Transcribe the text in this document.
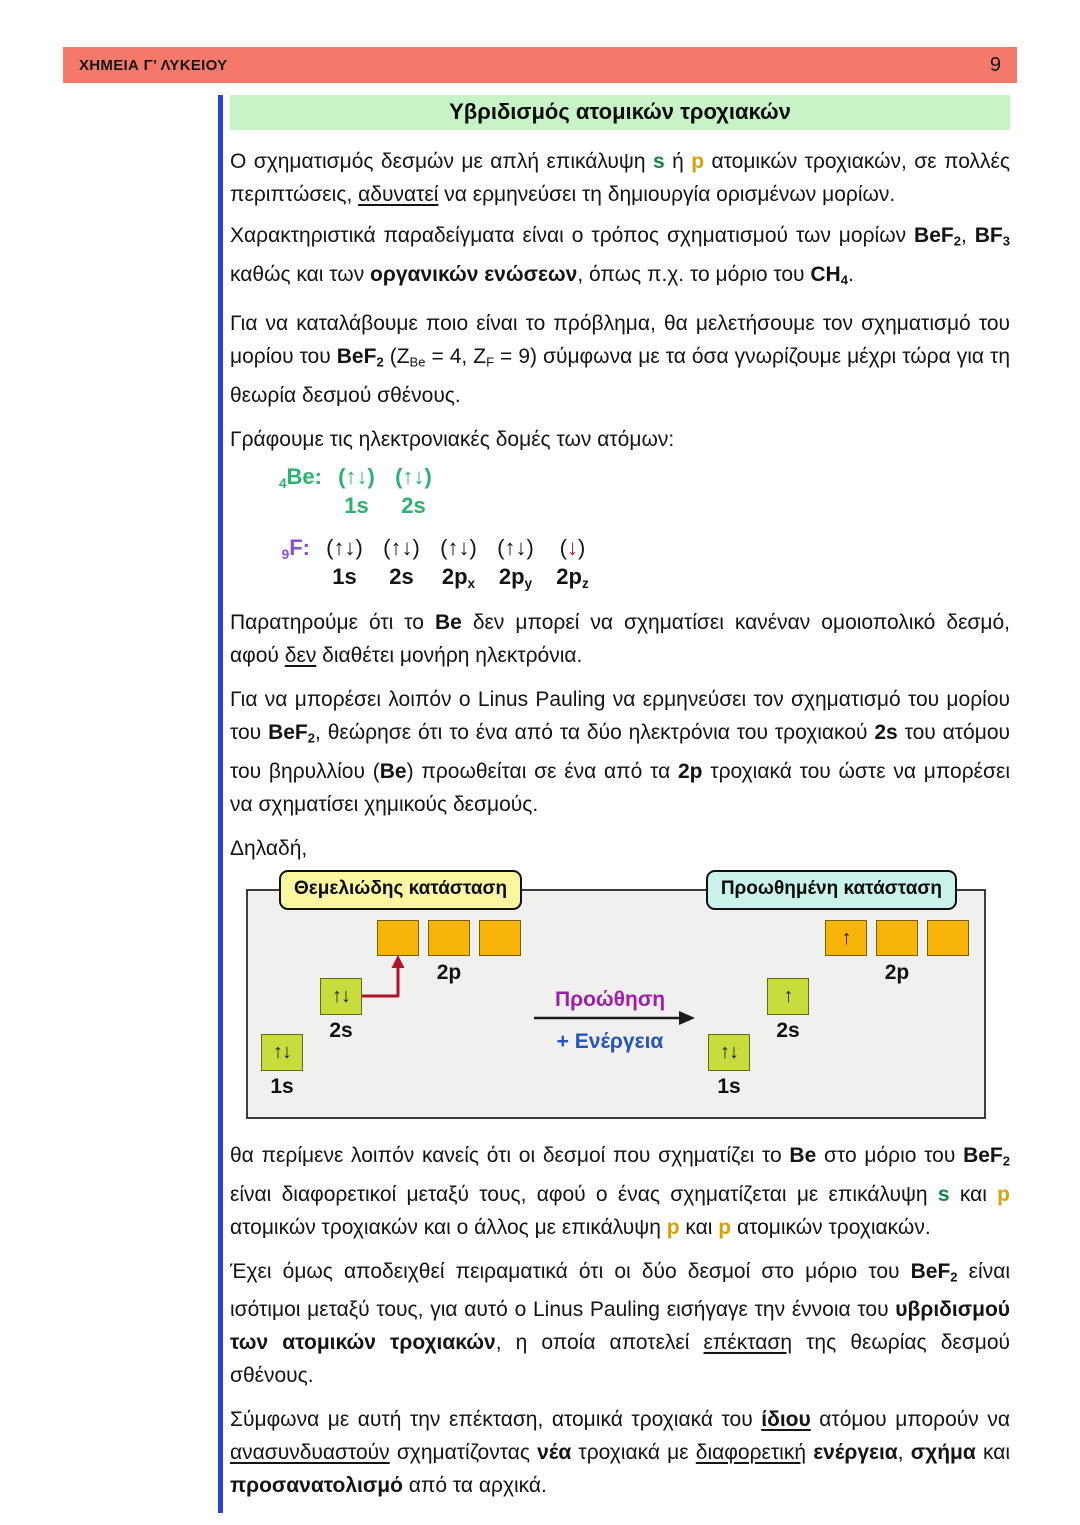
ΧΗΜΕΙΑ Γ’ ΛΥΚΕΙΟΥ	9
Υβριδισμός ατομικών τροχιακών

Ο σχηματισμός δεσμών με απλή επικάλυψη s ή p ατομικών τροχιακών, σε πολλές περιπτώσεις, αδυνατεί να ερμηνεύσει τη δημιουργία ορισμένων μορίων.

Χαρακτηριστικά παραδείγματα είναι ο τρόπος σχηματισμού των μορίων BeF2, BF3 καθώς και των οργανικών ενώσεων, όπως π.χ. το μόριο του CH4.

Για να καταλάβουμε ποιο είναι το πρόβλημα, θα μελετήσουμε τον σχηματισμό του μορίου του BeF2 ($Z_{Be} = 4$, $Z_F = 9$) σύμφωνα με τα όσα γνωρίζουμε μέχρι τώρα για τη θεωρία δεσμού σθένους.

Γράφουμε τις ηλεκτρονιακές δομές των ατόμων:

$_4$Be: (↑↓) (↑↓)
1s	2s
$_9$F: (↑↓) (↑↓) (↑↓) (↑↓)	(↓)
1s	2s	2px	2py	2pz

Παρατηρούμε ότι το Be δεν μπορεί να σχηματίσει κανέναν ομοιοπολικό δεσμό, αφού δεν διαθέτει μονήρη ηλεκτρόνια.

Για να μπορέσει λοιπόν ο Linus Pauling να ερμηνεύσει τον σχηματισμό του μορίου του BeF2, θεώρησε ότι το ένα από τα δύο ηλεκτρόνια του τροχιακού 2s του ατόμου του βηρυλλίου (Be) προωθείται σε ένα από τα 2p τροχιακά του ώστε να μπορέσει να σχηματίσει χημικούς δεσμούς.

Δηλαδή,

Θεμελιώδης κατάσταση	Προωθημένη κατάσταση
↑↓
↑↓
1s
2s
2p
↑↓
↑
↑
1s
2s
2p
Προώθηση
+ Ενέργεια

θα περίμενε λοιπόν κανείς ότι οι δεσμοί που σχηματίζει το Be στο μόριο του BeF2 είναι διαφορετικοί μεταξύ τους, αφού ο ένας σχηματίζεται με επικάλυψη s και p ατομικών τροχιακών και ο άλλος με επικάλυψη p και p ατομικών τροχιακών.

Έχει όμως αποδειχθεί πειραματικά ότι οι δύο δεσμοί στο μόριο του BeF2 είναι ισότιμοι μεταξύ τους, για αυτό ο Linus Pauling εισήγαγε την έννοια του υβριδισμού των ατομικών τροχιακών, η οποία αποτελεί επέκταση της θεωρίας δεσμού σθένους.

Σύμφωνα με αυτή την επέκταση, ατομικά τροχιακά του ίδιου ατόμου μπορούν να ανασυνδυαστούν σχηματίζοντας νέα τροχιακά με διαφορετική ενέργεια, σχήμα και προσανατολισμό από τα αρχικά.
